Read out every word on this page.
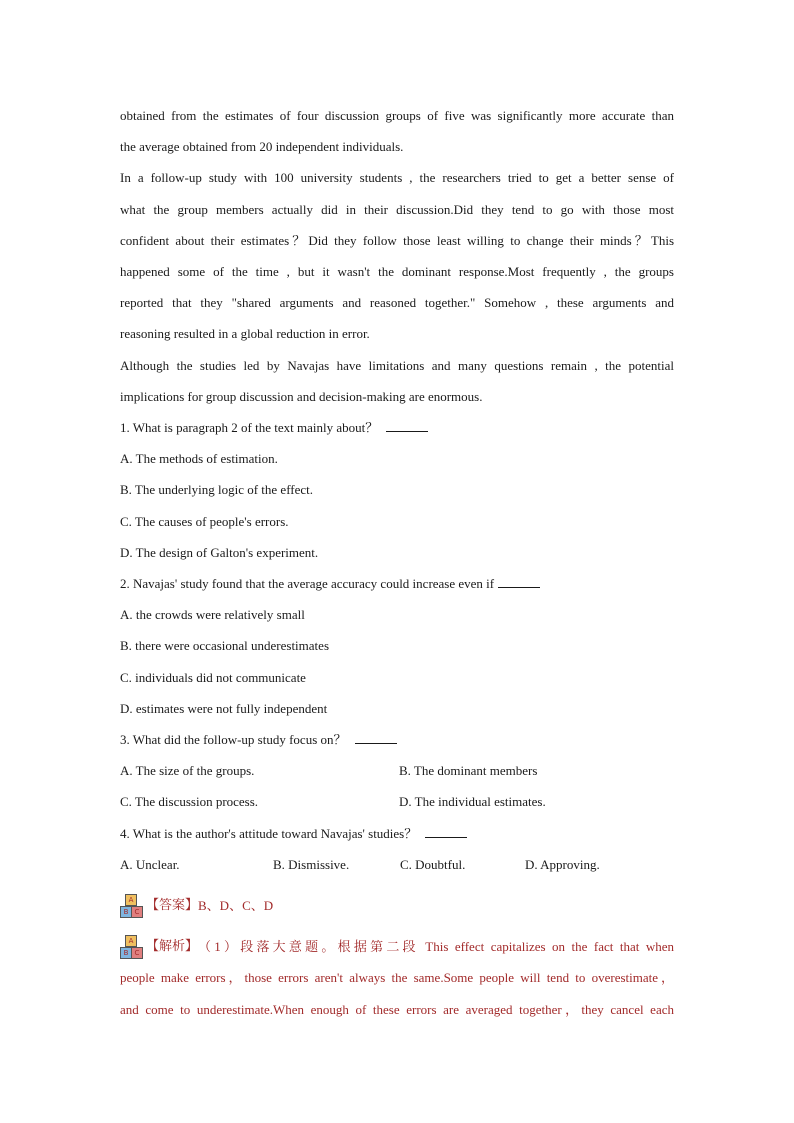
obtained from the estimates of four discussion groups of five was significantly more accurate than
the average obtained from 20 independent individuals.

In a follow-up study with 100 university students , the researchers tried to get a better sense of
what the group members actually did in their discussion.Did they tend to go with those most
confident about their estimates？Did they follow those least willing to change their minds？This
happened some of the time , but it wasn't the dominant response.Most frequently , the groups
reported that they "shared arguments and reasoned together." Somehow , these arguments and
reasoning resulted in a global reduction in error.

Although the studies led by Navajas have limitations and many questions remain , the potential
implications for group discussion and decision-making are enormous.

1. What is paragraph 2 of the text mainly about？

A. The methods of estimation.

B. The underlying logic of the effect.

C. The causes of people's errors.

D. The design of Galton's experiment.

2. Navajas' study found that the average accuracy could increase even if

A. the crowds were relatively small

B. there were occasional underestimates

C. individuals did not communicate

D. estimates were not fully independent

3. What did the follow-up study focus on？

A. The size of the groups.	B. The dominant members
C. The discussion process.	D. The individual estimates.

4. What is the author's attitude toward Navajas' studies？

A. Unclear.	B. Dismissive.	C. Doubtful.	D. Approving.
A
B C 【答案】 B、D、C、D
A
B C 【解析】 （1）段落大意题。根据第二段 This effect capitalizes on the fact that when
people make errors，those errors aren't always the same.Some people will tend to overestimate，
and come to underestimate.When enough of these errors are averaged together，they cancel each
